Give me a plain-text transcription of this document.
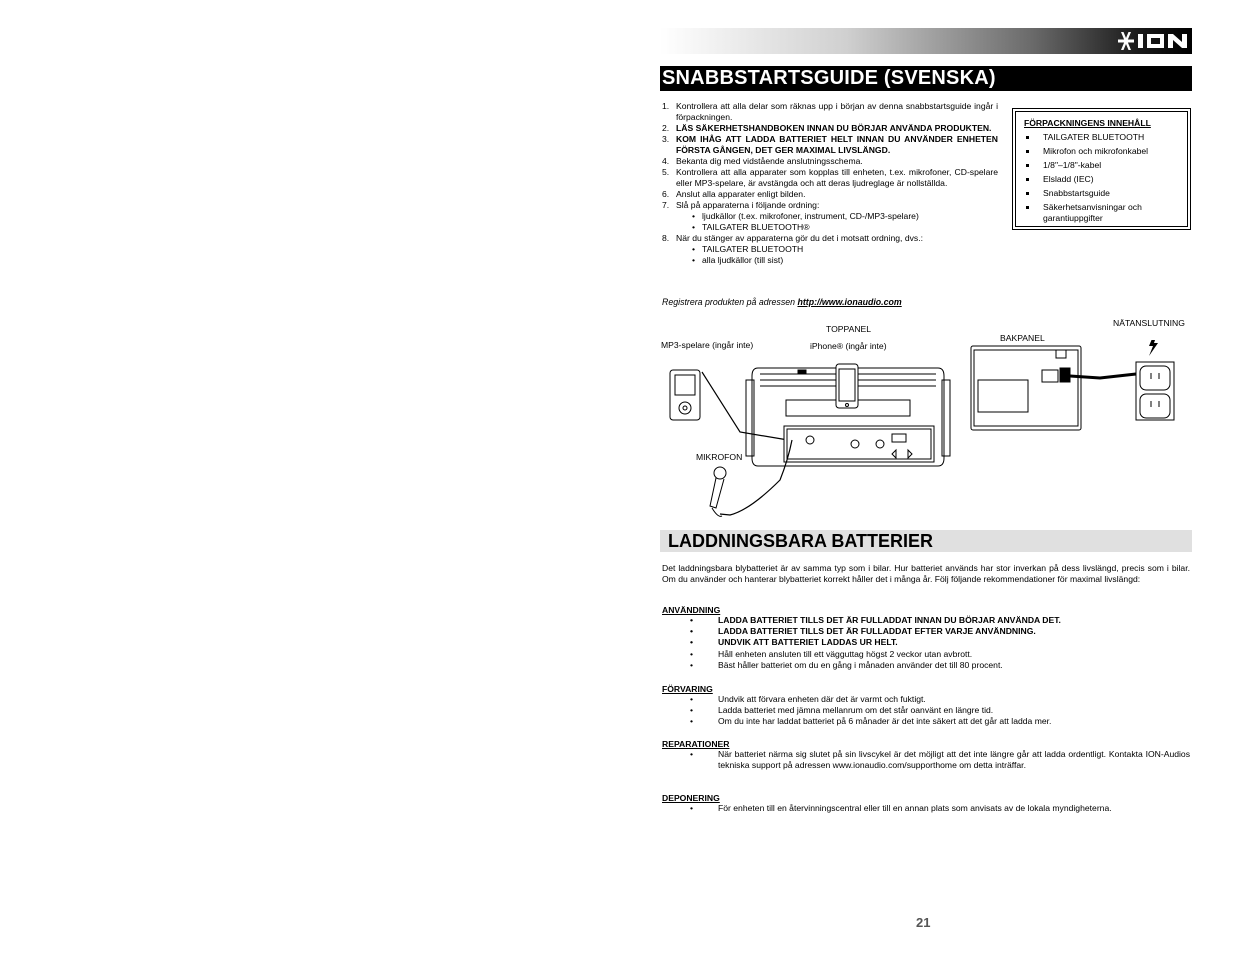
ION
SNABBSTARTSGUIDE (SVENSKA)
1. Kontrollera att alla delar som räknas upp i början av denna snabbstartsguide ingår i förpackningen.
2. LÄS SÄKERHETSHANDBOKEN INNAN DU BÖRJAR ANVÄNDA PRODUKTEN.
3. KOM IHÅG ATT LADDA BATTERIET HELT INNAN DU ANVÄNDER ENHETEN FÖRSTA GÅNGEN, DET GER MAXIMAL LIVSLÄNGD.
4. Bekanta dig med vidstående anslutningsschema.
5. Kontrollera att alla apparater som kopplas till enheten, t.ex. mikrofoner, CD-spelare eller MP3-spelare, är avstängda och att deras ljudreglage är nollställda.
6. Anslut alla apparater enligt bilden.
7. Slå på apparaterna i följande ordning:
• ljudkällor (t.ex. mikrofoner, instrument, CD-/MP3-spelare)
• TAILGATER BLUETOOTH®
8. När du stänger av apparaterna gör du det i motsatt ordning, dvs.:
• TAILGATER BLUETOOTH
• alla ljudkällor (till sist)
FÖRPACKNINGENS INNEHÅLL
TAILGATER BLUETOOTH
Mikrofon och mikrofonkabel
1/8"–1/8"-kabel
Elsladd (IEC)
Snabbstartsguide
Säkerhetsanvisningar och garantiuppgifter
Registrera produkten på adressen http://www.ionaudio.com
TOPPANEL
iPhone® (ingår inte)
MP3-spelare (ingår inte)
MIKROFON
BAKPANEL
NÄTANSLUTNING
LADDNINGSBARA BATTERIER
Det laddningsbara blybatteriet är av samma typ som i bilar. Hur batteriet används har stor inverkan på dess livslängd, precis som i bilar. Om du använder och hanterar blybatteriet korrekt håller det i många år. Följ följande rekommendationer för maximal livslängd:
ANVÄNDNING
• LADDA BATTERIET TILLS DET ÄR FULLADDAT INNAN DU BÖRJAR ANVÄNDA DET.
• LADDA BATTERIET TILLS DET ÄR FULLADDAT EFTER VARJE ANVÄNDNING.
• UNDVIK ATT BATTERIET LADDAS UR HELT.
• Håll enheten ansluten till ett vägguttag högst 2 veckor utan avbrott.
• Bäst håller batteriet om du en gång i månaden använder det till 80 procent.
FÖRVARING
• Undvik att förvara enheten där det är varmt och fuktigt.
• Ladda batteriet med jämna mellanrum om det står oanvänt en längre tid.
• Om du inte har laddat batteriet på 6 månader är det inte säkert att det går att ladda mer.
REPARATIONER
• När batteriet närma sig slutet på sin livscykel är det möjligt att det inte längre går att ladda ordentligt. Kontakta ION-Audios tekniska support på adressen www.ionaudio.com/supporthome om detta inträffar.
DEPONERING
• För enheten till en återvinningscentral eller till en annan plats som anvisats av de lokala myndigheterna.
21
